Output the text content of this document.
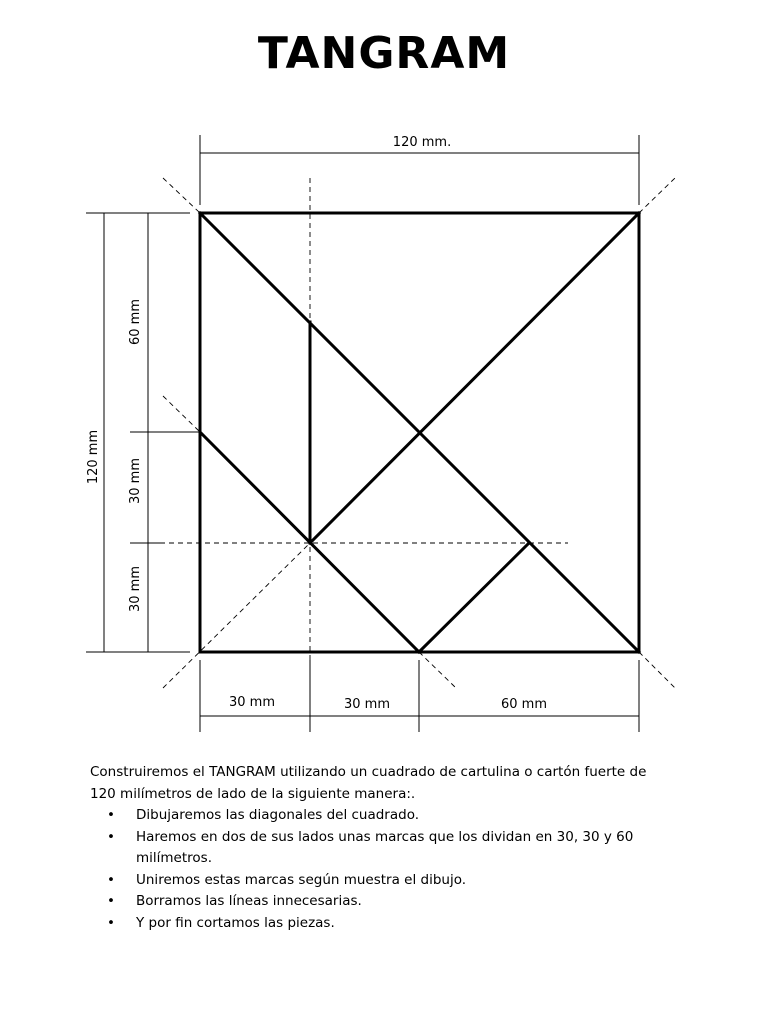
TANGRAM
120 mm.
120 mm
60 mm
30 mm
30 mm
30 mm	30 mm	60 mm

Construiremos el TANGRAM utilizando un cuadrado de cartulina o cartón fuerte de 120 milímetros de lado de la siguiente manera:.

• Dibujaremos las diagonales del cuadrado.
• Haremos en dos de sus lados unas marcas que los dividan en 30, 30 y 60 milímetros.
• Uniremos estas marcas según muestra el dibujo.
• Borramos las líneas innecesarias.
• Y por fin cortamos las piezas.
